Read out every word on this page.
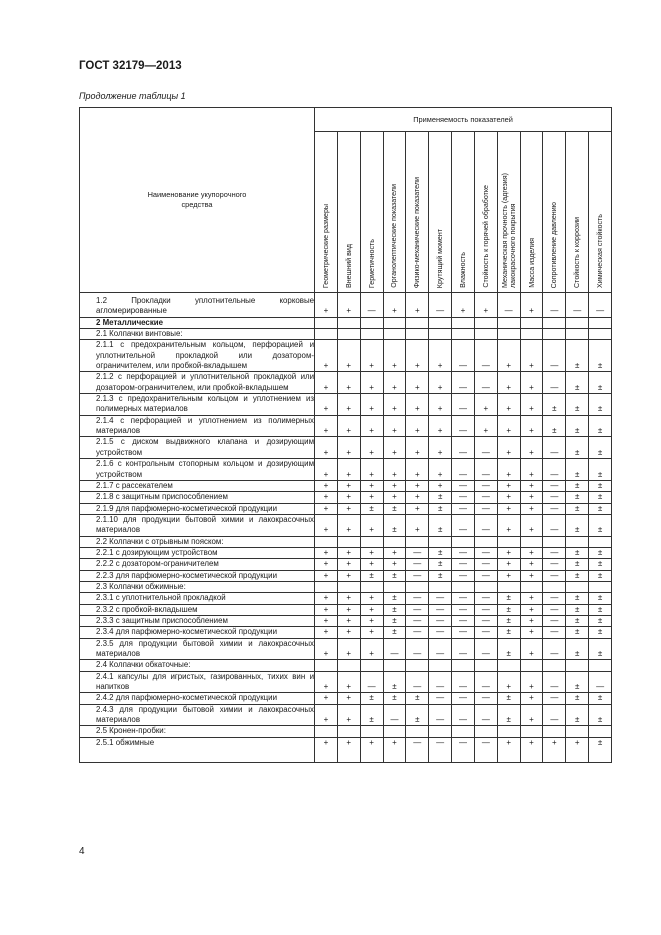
ГОСТ 32179—2013
Продолжение таблицы 1
Наименование укупорочного средства	Применяемость показателей												

	Геометрические размеры	Внешний вид	Герметичность	Органолептические показатели	Физико-механические показатели	Крутящий момент	Влажность	Стойкость к горячей обработке	Механическая прочность (адгезия) лакокрасочного покрытия	Масса изделия	Сопротивление давлению	Стойкость к коррозии	Химическая стойкость

1.2 Прокладки уплотнительные корковые агломерированные	+	+	—	+	+	—	+	+	—	+	—	—	—
2 Металлические													
2.1 Колпачки винтовые:													
2.1.1 с предохранительным кольцом, перфорацией и уплотнительной прокладкой или дозатором-ограничителем, или пробкой-вкладышем	+	+	+	+	+	+	—	—	+	+	—	±	±
2.1.2 с перфорацией и уплотнительной прокладкой или дозатором-ограничителем, или пробкой-вкладышем	+	+	+	+	+	+	—	—	+	+	—	±	±
2.1.3 с предохранительным кольцом и уплотнением из полимерных материалов	+	+	+	+	+	+	—	+	+	+	±	±	±
2.1.4 с перфорацией и уплотнением из полимерных материалов	+	+	+	+	+	+	—	+	+	+	±	±	±
2.1.5 с диском выдвижного клапана и дозирующим устройством	+	+	+	+	+	+	—	—	+	+	—	±	±
2.1.6 с контрольным стопорным кольцом и дозирующим устройством	+	+	+	+	+	+	—	—	+	+	—	±	±
2.1.7 с рассекателем	+	+	+	+	+	+	—	—	+	+	—	±	±
2.1.8 с защитным приспособлением	+	+	+	+	+	±	—	—	+	+	—	±	±
2.1.9 для парфюмерно-косметической продукции	+	+	±	±	+	±	—	—	+	+	—	±	±
2.1.10 для продукции бытовой химии и лакокрасочных материалов	+	+	+	±	+	±	—	—	+	+	—	±	±
2.2 Колпачки с отрывным пояском:													
2.2.1 с дозирующим устройством	+	+	+	+	—	±	—	—	+	+	—	±	±
2.2.2 с дозатором-ограничителем	+	+	+	+	—	±	—	—	+	+	—	±	±
2.2.3 для парфюмерно-косметической продукции	+	+	±	±	—	±	—	—	+	+	—	±	±
2.3 Колпачки обжимные:													
2.3.1 с уплотнительной прокладкой	+	+	+	±	—	—	—	—	±	+	—	±	±
2.3.2 с пробкой-вкладышем	+	+	+	±	—	—	—	—	±	+	—	±	±
2.3.3 с защитным приспособлением	+	+	+	±	—	—	—	—	±	+	—	±	±
2.3.4 для парфюмерно-косметической продукции	+	+	+	±	—	—	—	—	±	+	—	±	±
2.3.5 для продукции бытовой химии и лакокрасочных материалов	+	+	+	—	—	—	—	—	±	+	—	±	±
2.4 Колпачки обкаточные:													
2.4.1 капсулы для игристых, газированных, тихих вин и напитков	+	+	—	±	—	—	—	—	+	+	—	±	—
2.4.2 для парфюмерно-косметической продукции	+	+	±	±	±	—	—	—	±	+	—	±	±
2.4.3 для продукции бытовой химии и лакокрасочных материалов	+	+	±	—	±	—	—	—	±	+	—	±	±
2.5 Кронен-пробки:													
2.5.1 обжимные	+	+	+	+	—	—	—	—	+	+	+	+	±
4
